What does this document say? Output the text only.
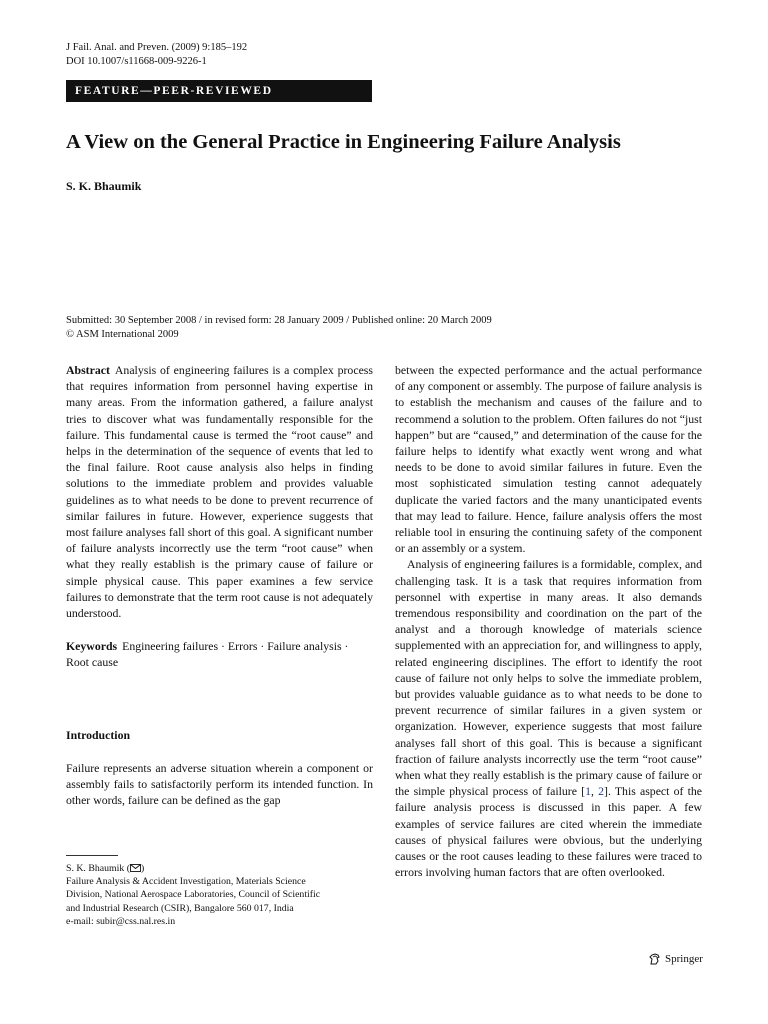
J Fail. Anal. and Preven. (2009) 9:185–192
DOI 10.1007/s11668-009-9226-1
FEATURE—PEER-REVIEWED
A View on the General Practice in Engineering Failure Analysis
S. K. Bhaumik
Submitted: 30 September 2008 / in revised form: 28 January 2009 / Published online: 20 March 2009
© ASM International 2009

Abstract Analysis of engineering failures is a complex process that requires information from personnel having expertise in many areas. From the information gathered, a failure analyst tries to discover what was fundamentally responsible for the failure. This fundamental cause is termed the “root cause” and helps in the determination of the sequence of events that led to the final failure. Root cause analysis also helps in finding solutions to the immediate problem and provides valuable guidelines as to what needs to be done to prevent recurrence of similar failures in future. However, experience suggests that most failure analyses fall short of this goal. A significant number of failure analysts incorrectly use the term “root cause” when what they really establish is the primary cause of failure or simple physical cause. This paper examines a few service failures to demonstrate that the term root cause is not adequately understood.

Keywords Engineering failures · Errors · Failure analysis · Root cause

Introduction

Failure represents an adverse situation wherein a component or assembly fails to satisfactorily perform its intended function. In other words, failure can be defined as the gap

S. K. Bhaumik ( )
Failure Analysis & Accident Investigation, Materials Science
Division, National Aerospace Laboratories, Council of Scientific
and Industrial Research (CSIR), Bangalore 560 017, India
e-mail: subir@css.nal.res.in

between the expected performance and the actual performance of any component or assembly. The purpose of failure analysis is to establish the mechanism and causes of the failure and to recommend a solution to the problem. Often failures do not “just happen” but are “caused,” and determination of the cause for the failure helps to identify what exactly went wrong and what needs to be done to avoid similar failures in future. Even the most sophisticated simulation testing cannot adequately duplicate the varied factors and the many unanticipated events that may lead to failure. Hence, failure analysis offers the most reliable tool in ensuring the continuing safety of the component or an assembly or a system.

Analysis of engineering failures is a formidable, complex, and challenging task. It is a task that requires information from personnel with expertise in many areas. It also demands tremendous responsibility and coordination on the part of the analyst and a thorough knowledge of materials science supplemented with an appreciation for, and willingness to apply, related engineering disciplines. The effort to identify the root cause of failure not only helps to solve the immediate problem, but provides valuable guidance as to what needs to be done to prevent recurrence of similar failures in a given system or organization. However, experience suggests that most failure analyses fall short of this goal. This is because a significant fraction of failure analysts incorrectly use the term “root cause” when what they really establish is the primary cause of failure or the simple physical process of failure [1, 2]. This aspect of the failure analysis process is discussed in this paper. A few examples of service failures are cited wherein the immediate causes of physical failures were obvious, but the underlying causes or the root causes leading to these failures were traced to errors involving human factors that are often overlooked.

Springer
